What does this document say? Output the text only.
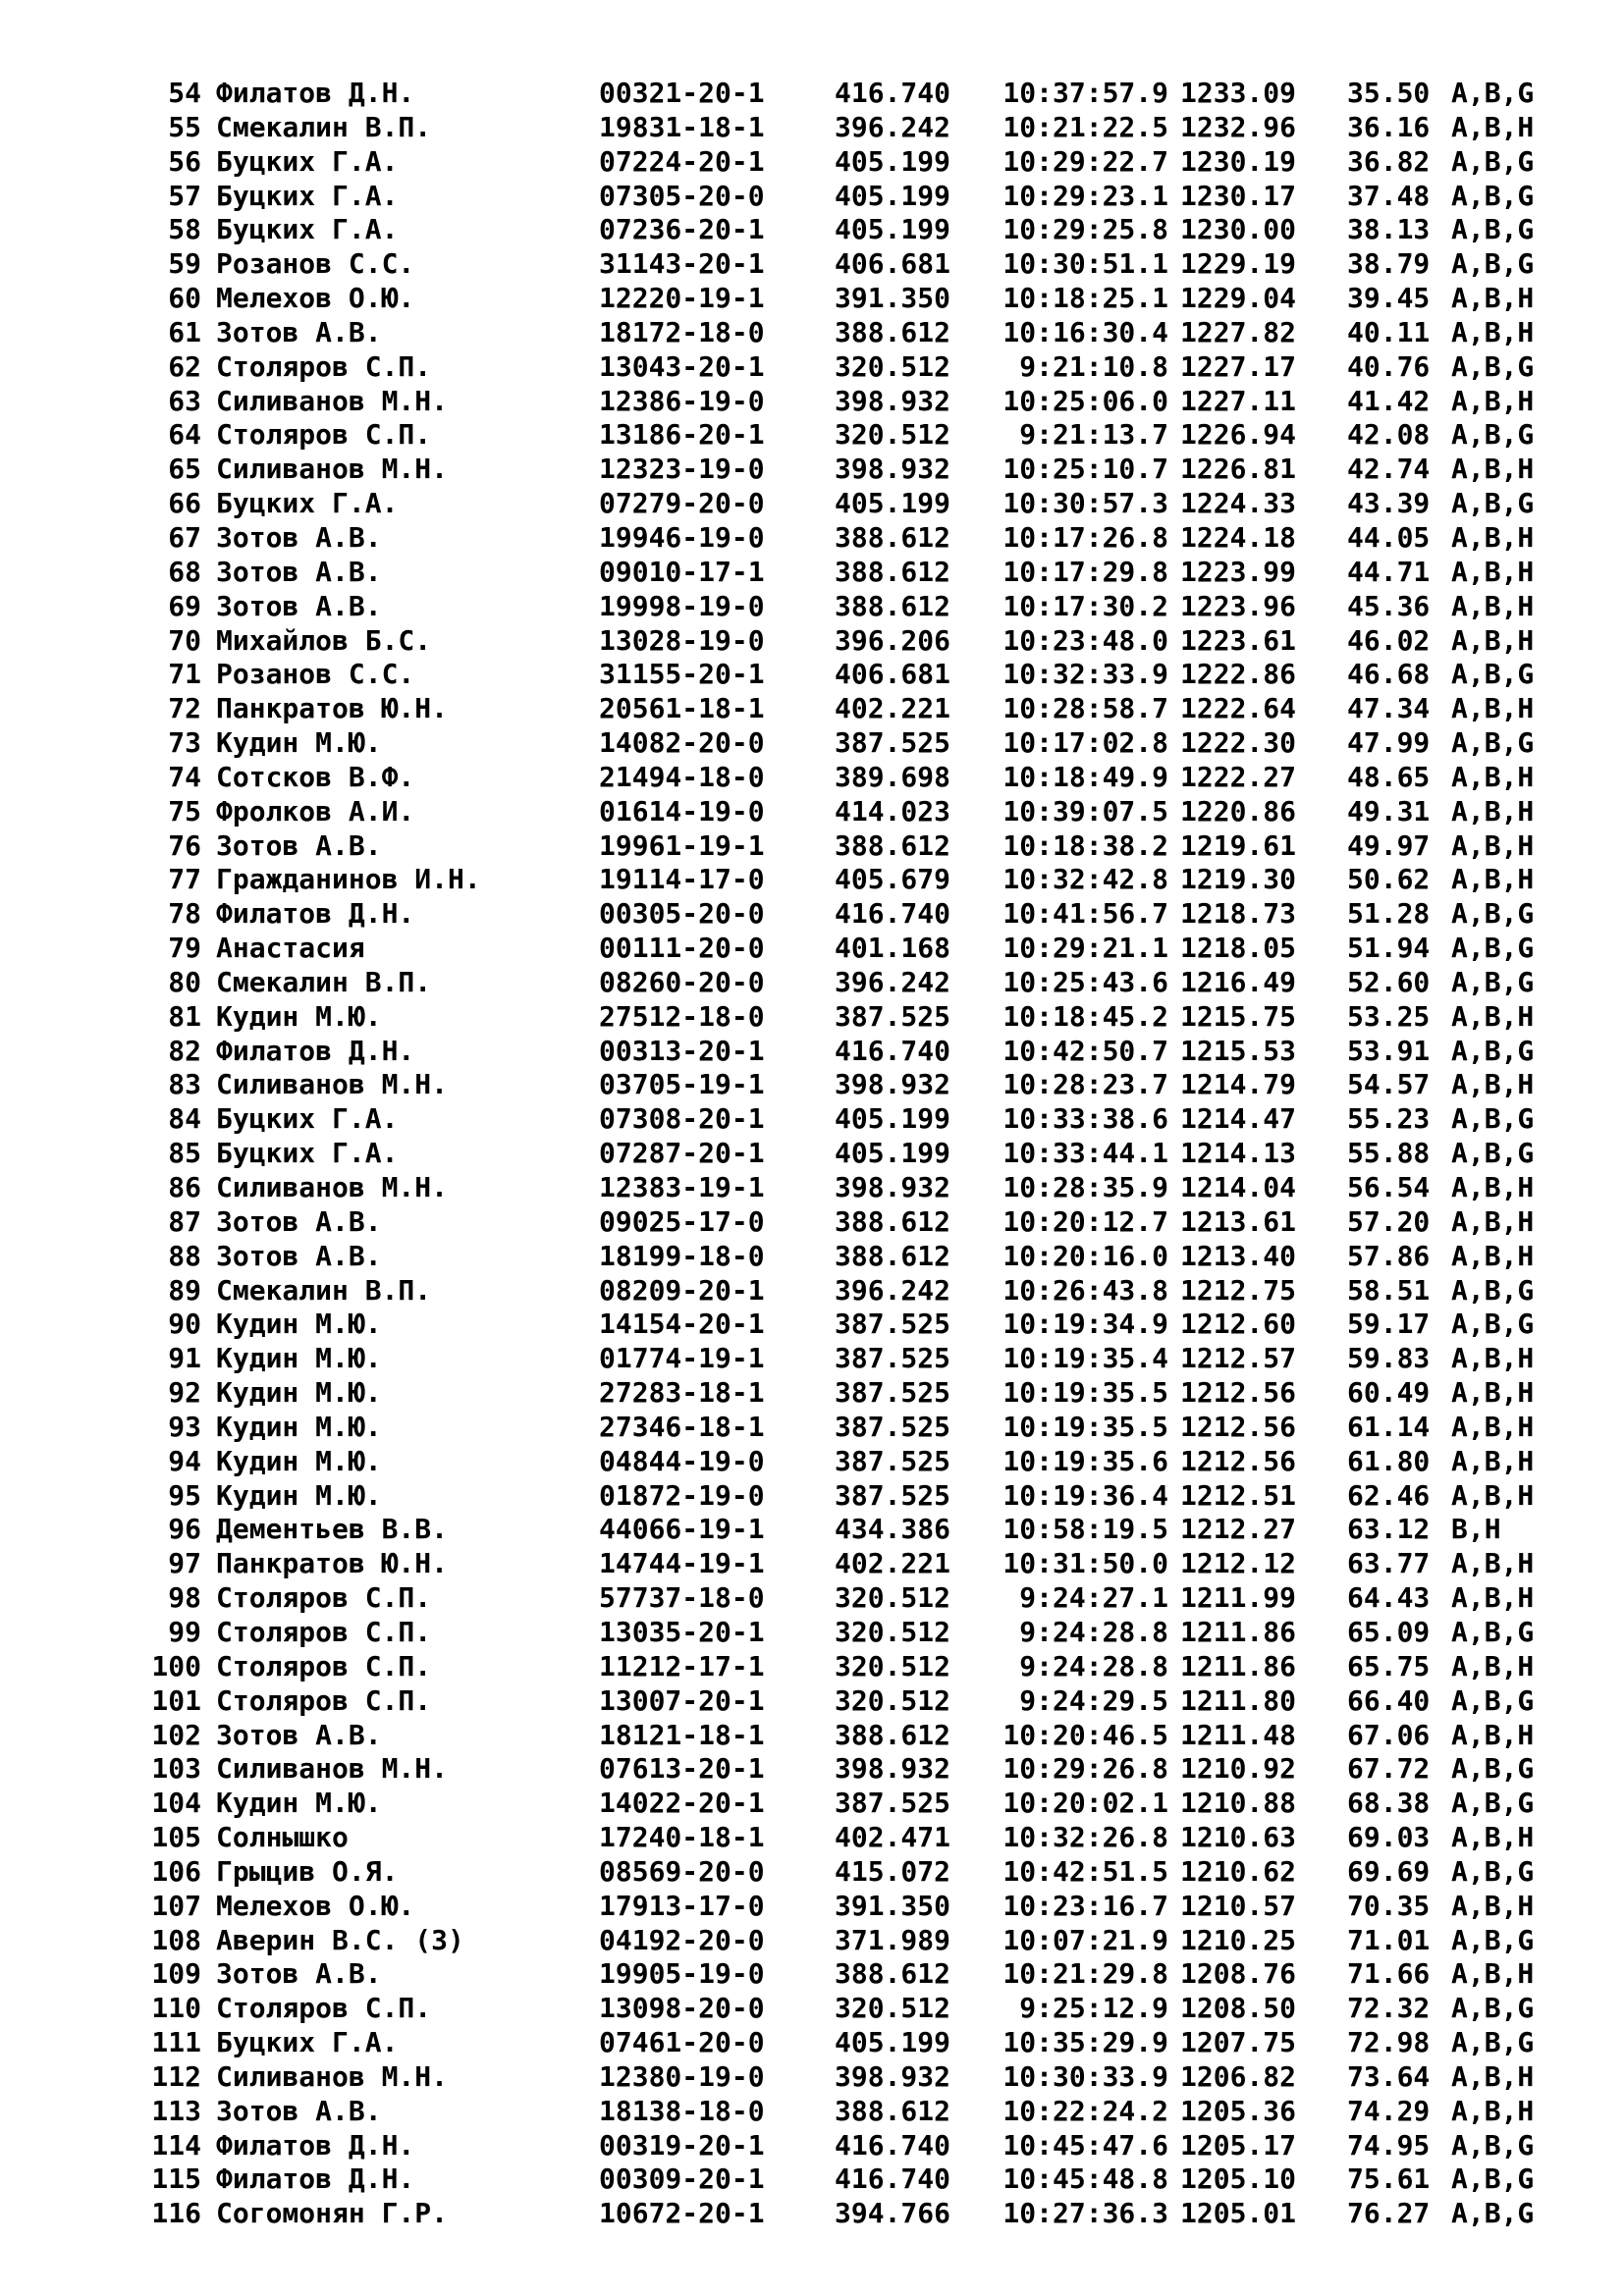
54 Филатов Д.Н.	00321-20-1	416.740	10:37:57.9 1233.09 35.50 A,B,G
55 Смекалин В.П.	19831-18-1	396.242	10:21:22.5 1232.96 36.16 A,B,H
56 Буцких Г.А.	07224-20-1	405.199	10:29:22.7 1230.19 36.82 A,B,G
57 Буцких Г.А.	07305-20-0	405.199	10:29:23.1 1230.17 37.48 A,B,G
58 Буцких Г.А.	07236-20-1	405.199	10:29:25.8 1230.00 38.13 A,B,G
59 Розанов С.С.	31143-20-1	406.681	10:30:51.1 1229.19 38.79 A,B,G
60 Мелехов О.Ю.	12220-19-1	391.350	10:18:25.1 1229.04 39.45 A,B,H
61 Зотов А.В.	18172-18-0	388.612	10:16:30.4 1227.82 40.11 A,B,H
62 Столяров С.П.	13043-20-1	320.512	9:21:10.8 1227.17 40.76 A,B,G
63 Силиванов М.Н.	12386-19-0	398.932	10:25:06.0 1227.11 41.42 A,B,H
64 Столяров С.П.	13186-20-1	320.512	9:21:13.7 1226.94 42.08 A,B,G
65 Силиванов М.Н.	12323-19-0	398.932	10:25:10.7 1226.81 42.74 A,B,H
66 Буцких Г.А.	07279-20-0	405.199	10:30:57.3 1224.33 43.39 A,B,G
67 Зотов А.В.	19946-19-0	388.612	10:17:26.8 1224.18 44.05 A,B,H
68 Зотов А.В.	09010-17-1	388.612	10:17:29.8 1223.99 44.71 A,B,H
69 Зотов А.В.	19998-19-0	388.612	10:17:30.2 1223.96 45.36 A,B,H
70 Михайлов Б.С.	13028-19-0	396.206	10:23:48.0 1223.61 46.02 A,B,H
71 Розанов С.С.	31155-20-1	406.681	10:32:33.9 1222.86 46.68 A,B,G
72 Панкратов Ю.Н.	20561-18-1	402.221	10:28:58.7 1222.64 47.34 A,B,H
73 Кудин М.Ю.	14082-20-0	387.525	10:17:02.8 1222.30 47.99 A,B,G
74 Сотсков В.Ф.	21494-18-0	389.698	10:18:49.9 1222.27 48.65 A,B,H
75 Фролков А.И.	01614-19-0	414.023	10:39:07.5 1220.86 49.31 A,B,H
76 Зотов А.В.	19961-19-1	388.612	10:18:38.2 1219.61 49.97 A,B,H
77 Гражданинов И.Н.	19114-17-0	405.679	10:32:42.8 1219.30 50.62 A,B,H
78 Филатов Д.Н.	00305-20-0	416.740	10:41:56.7 1218.73 51.28 A,B,G
79 Анастасия	00111-20-0	401.168	10:29:21.1 1218.05 51.94 A,B,G
80 Смекалин В.П.	08260-20-0	396.242	10:25:43.6 1216.49 52.60 A,B,G
81 Кудин М.Ю.	27512-18-0	387.525	10:18:45.2 1215.75 53.25 A,B,H
82 Филатов Д.Н.	00313-20-1	416.740	10:42:50.7 1215.53 53.91 A,B,G
83 Силиванов М.Н.	03705-19-1	398.932	10:28:23.7 1214.79 54.57 A,B,H
84 Буцких Г.А.	07308-20-1	405.199	10:33:38.6 1214.47 55.23 A,B,G
85 Буцких Г.А.	07287-20-1	405.199	10:33:44.1 1214.13 55.88 A,B,G
86 Силиванов М.Н.	12383-19-1	398.932	10:28:35.9 1214.04 56.54 A,B,H
87 Зотов А.В.	09025-17-0	388.612	10:20:12.7 1213.61 57.20 A,B,H
88 Зотов А.В.	18199-18-0	388.612	10:20:16.0 1213.40 57.86 A,B,H
89 Смекалин В.П.	08209-20-1	396.242	10:26:43.8 1212.75 58.51 A,B,G
90 Кудин М.Ю.	14154-20-1	387.525	10:19:34.9 1212.60 59.17 A,B,G
91 Кудин М.Ю.	01774-19-1	387.525	10:19:35.4 1212.57 59.83 A,B,H
92 Кудин М.Ю.	27283-18-1	387.525	10:19:35.5 1212.56 60.49 A,B,H
93 Кудин М.Ю.	27346-18-1	387.525	10:19:35.5 1212.56 61.14 A,B,H
94 Кудин М.Ю.	04844-19-0	387.525	10:19:35.6 1212.56 61.80 A,B,H
95 Кудин М.Ю.	01872-19-0	387.525	10:19:36.4 1212.51 62.46 A,B,H
96 Дементьев В.В.	44066-19-1	434.386	10:58:19.5 1212.27 63.12 B,H
97 Панкратов Ю.Н.	14744-19-1	402.221	10:31:50.0 1212.12 63.77 A,B,H
98 Столяров С.П.	57737-18-0	320.512	9:24:27.1 1211.99 64.43 A,B,H
99 Столяров С.П.	13035-20-1	320.512	9:24:28.8 1211.86 65.09 A,B,G
100 Столяров С.П.	11212-17-1	320.512	9:24:28.8 1211.86 65.75 A,B,H
101 Столяров С.П.	13007-20-1	320.512	9:24:29.5 1211.80 66.40 A,B,G
102 Зотов А.В.	18121-18-1	388.612	10:20:46.5 1211.48 67.06 A,B,H
103 Силиванов М.Н.	07613-20-1	398.932	10:29:26.8 1210.92 67.72 A,B,G
104 Кудин М.Ю.	14022-20-1	387.525	10:20:02.1 1210.88 68.38 A,B,G
105 Солнышко	17240-18-1	402.471	10:32:26.8 1210.63 69.03 A,B,H
106 Грыцив О.Я.	08569-20-0	415.072	10:42:51.5 1210.62 69.69 A,B,G
107 Мелехов О.Ю.	17913-17-0	391.350	10:23:16.7 1210.57 70.35 A,B,H
108 Аверин В.С. (З)	04192-20-0	371.989	10:07:21.9 1210.25 71.01 A,B,G
109 Зотов А.В.	19905-19-0	388.612	10:21:29.8 1208.76 71.66 A,B,H
110 Столяров С.П.	13098-20-0	320.512	9:25:12.9 1208.50 72.32 A,B,G
111 Буцких Г.А.	07461-20-0	405.199	10:35:29.9 1207.75 72.98 A,B,G
112 Силиванов М.Н.	12380-19-0	398.932	10:30:33.9 1206.82 73.64 A,B,H
113 Зотов А.В.	18138-18-0	388.612	10:22:24.2 1205.36 74.29 A,B,H
114 Филатов Д.Н.	00319-20-1	416.740	10:45:47.6 1205.17 74.95 A,B,G
115 Филатов Д.Н.	00309-20-1	416.740	10:45:48.8 1205.10 75.61 A,B,G
116 Согомонян Г.Р.	10672-20-1	394.766	10:27:36.3 1205.01 76.27 A,B,G
